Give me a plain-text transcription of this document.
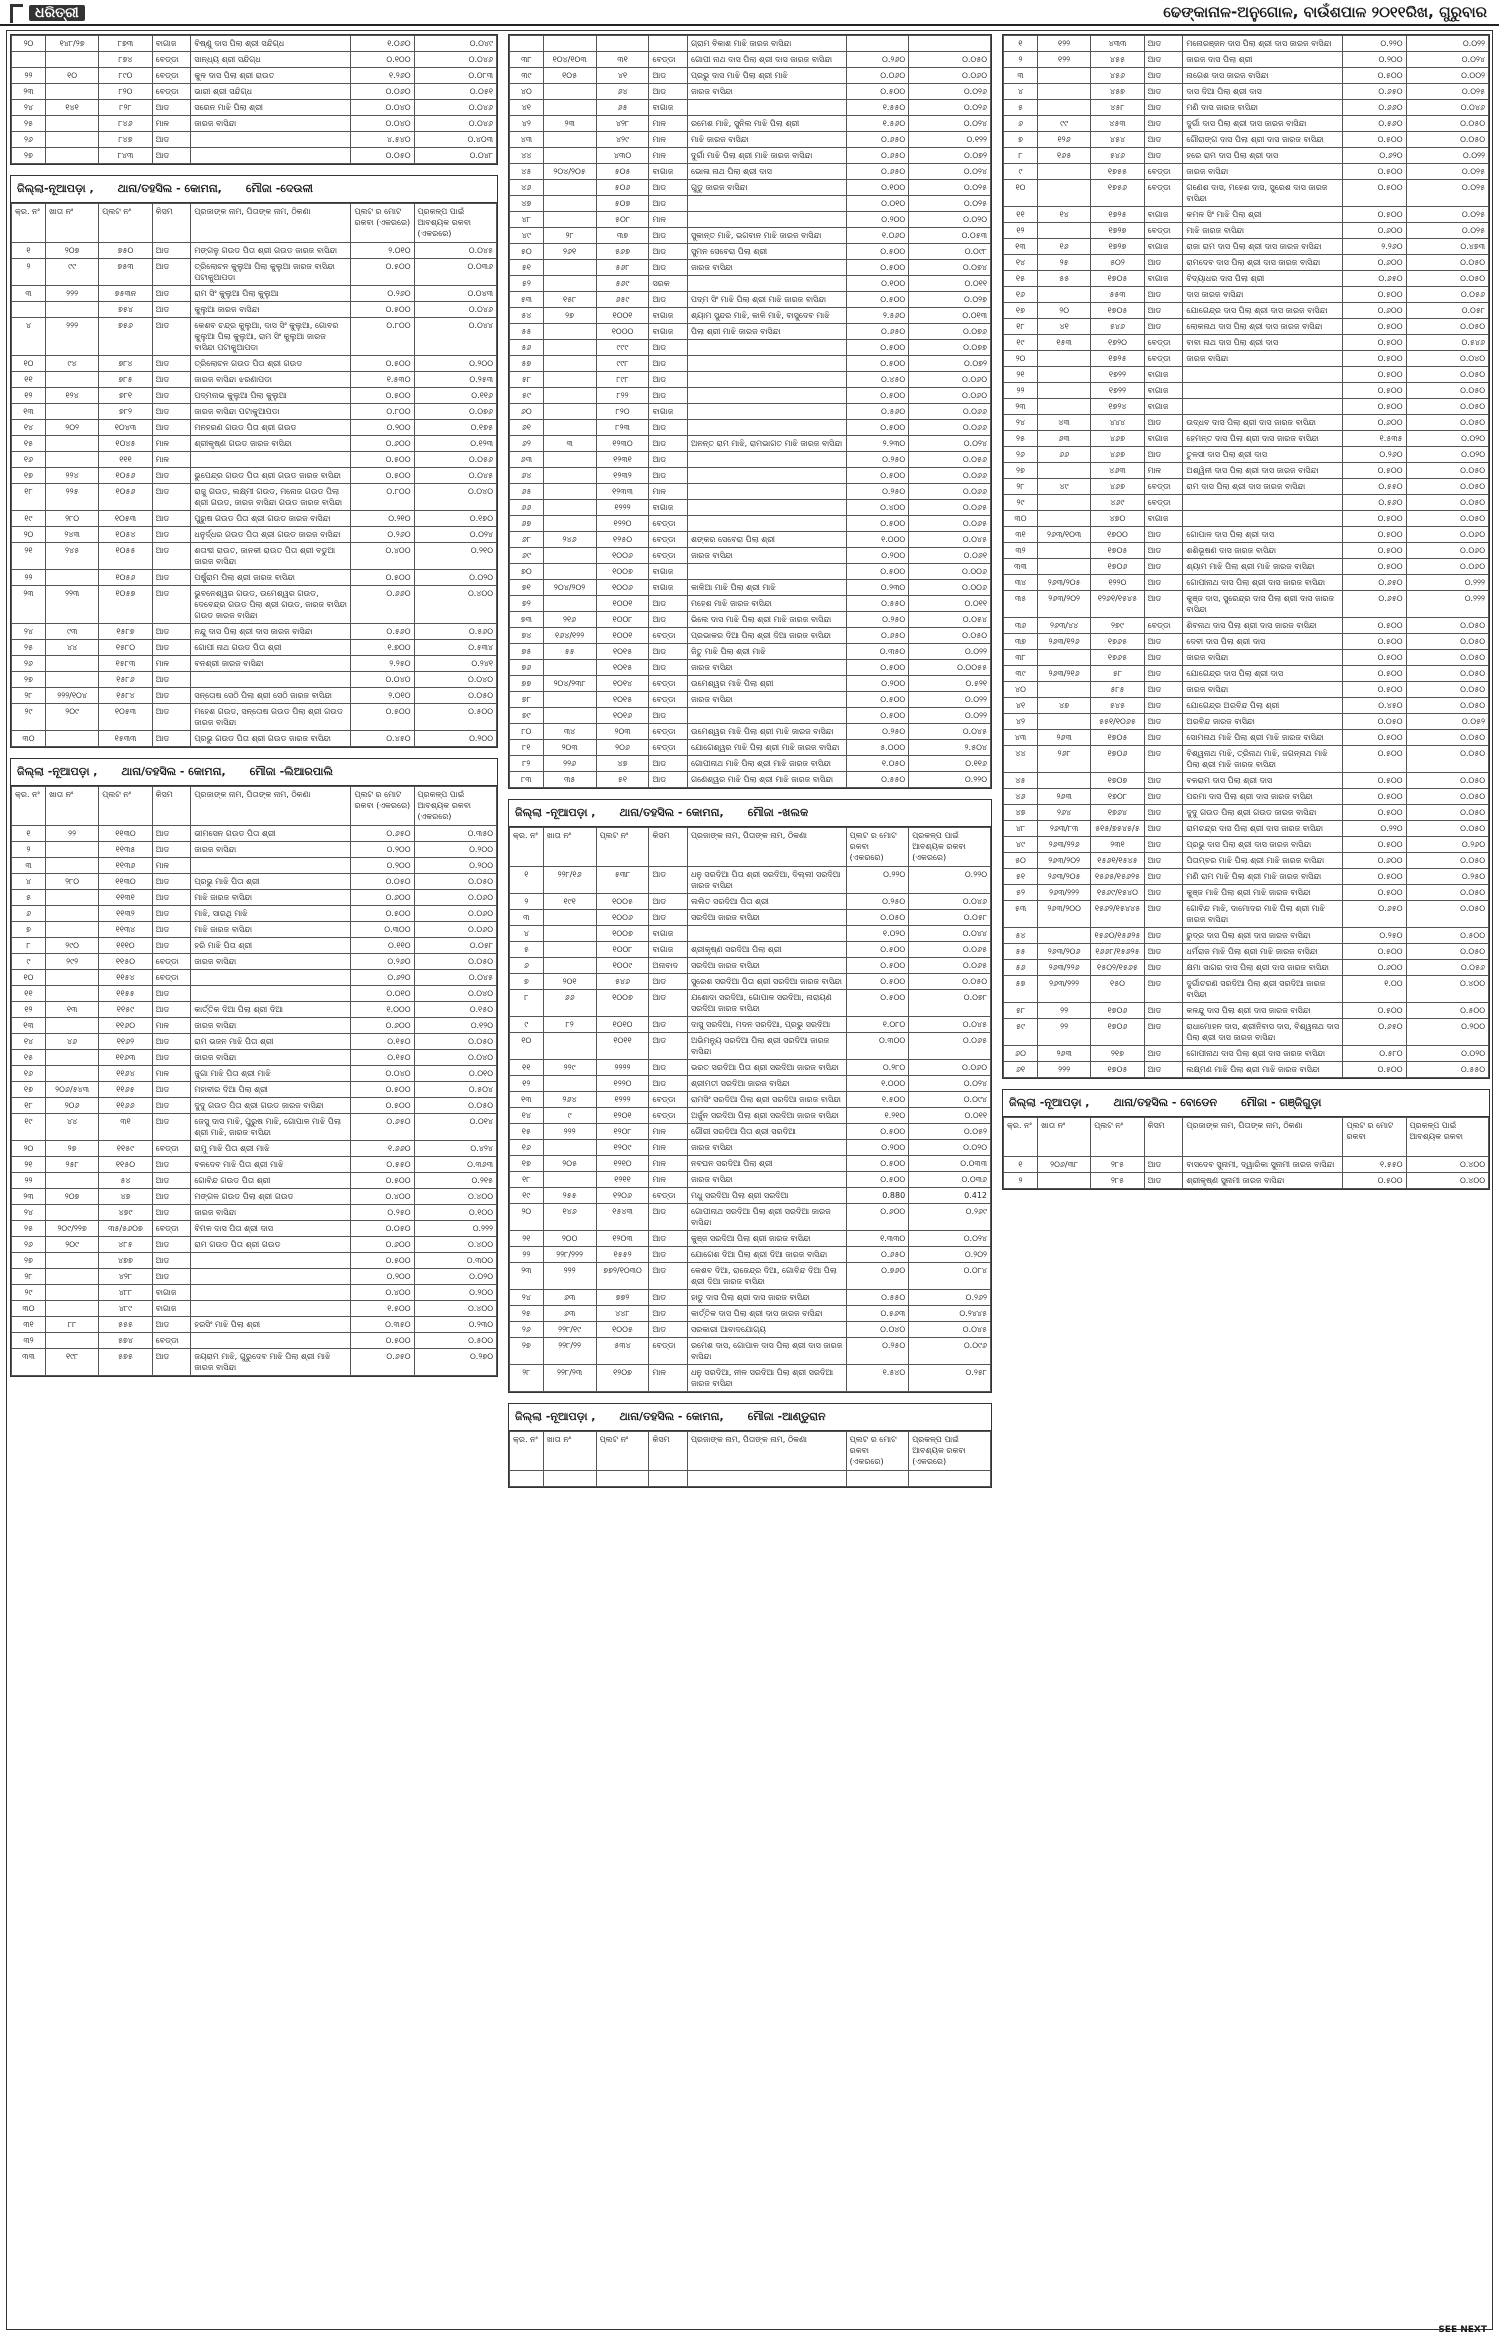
ଧରିତ୍ରୀ	ଢେଙ୍କାନାଳ-ଅନୁଗୋଳ, ବାଉଁଶପାଳ ୨୦୧୧ରିଖ, ଗୁରୁବାର
୨୦	୧୪୮/୨୭	୮୭୩	ବାଗାଜ	ବିଷ୍ଣୁ ଦାସ ପିଲା ଶ୍ରୀ ସନ୍ଦିଗ୍ଧ	୧.୦୬୦	୦.୦୪୯
		୮୭୪	ବେଡ୍ଡା	ସାନ୍ଧ୍ୟ ଶ୍ରୀ ସନ୍ଦିଗ୍ଧ	୦.୧୦୦	୦.୦୪୬
୨୨	୧୦	୮୯୦	ବେଡ୍ଡା	କୁଳ ଦାସ ପିଲା ଶ୍ରୀ ରାଉତ	୧.୨୬୦	୦.୦୮୩
୨୩		୮୨୦	ବେଡ୍ଡା	ଭାରୀ ଶ୍ରୀ ସନ୍ଦିଗ୍ଧ	୦.୦୬୦	୦.୦୫୧
୨୪	୧୪୧	୮୨୮	ଆଡ	ସରେନ ମାଝି ପିଲା ଶ୍ରୀ	୦.୦୪୦	୦.୦୪୬
୨୫		୮୪୬	ମାଳ	ଜାରଜ ବାସିନ୍ଦା	୦.୦୪୦	୦.୦୪୬
୨୬		୮୪୭	ଆଡ		୪.୫୪୦	୦.୪୦୩
୨୭		୮୪୩	ଆଡ		୦.୦୫୦	୦.୦୪୮
ଜିଲ୍ଲା-ନୂଆପଡ଼ା , ଥାନା/ତହସିଲ - କୋମନା, ମୌଜା -ଦେଉଳୀ
କ୍ର. ନଂ	ଖାତା ନଂ	ପ୍ଲଟ ନଂ	କିସମ	ପ୍ରଜାଙ୍କ ନାମ, ପିତାଙ୍କ ନାମ, ଠିକଣା	ପ୍ଲଟ ର ମୋଟ ରକବା (ଏକରରେ)	ପ୍ରକଳ୍ପ ପାଇଁ ଆବଶ୍ୟକ ରକବା (ଏକରରେ)
୧	୨୦୭	୭୫୦	ଆଡ	ମଙ୍ଗଳୁ ଗଉଡ ପିତା ଶ୍ରୀ ଗଉଡ ଜାରଜ ବାସିନ୍ଦା	୨.୦୧୦	୦.୦୪୫
୨	୯୯	୭୫୩	ଆଡ	ତ୍ରିଲୋଚନ କୁଲୁଆ ପିଲା କୁଲୁଆ ଜାରଜ ବାସିନ୍ଦା ପଟାକୁଆପଡା	୦.୫୦୦	୦.୦୩୬
୩	୨୨୨	୭୫୩ନ	ଆଡ	ରାମ ସିଂ କୁଲୁଆ ପିଲା କୁଲୁଆ	୦.୨୬୦	୦.୦୪୩
		୭୫୪	ଆଡ	କୁଲୁଆ ଜାରଜ ବାସିନ୍ଦା	୦.୫୦୦	୦.୦୪୬
୪	୨୨୨	୭୫୬	ଆଡ	କେଶବ ଚନ୍ଦ୍ର କୁଲୁଆ, ଦାସ ସିଂ କୁଲୁଆ, ଗୋବର କୁଲୁଆ ପିଲା କୁଲୁଆ, ରାମ ସିଂ କୁଲୁଆ ଜାରଜ ବାସିନ୍ଦା ପଟାକୁଆପଡା	୦.୮୦୦	୦.୦୪୪
୧୦	୯୪	୭୮୪	ଆଡ	ତ୍ରିଲୋଚନ ଗଉଡ ପିତା ଶ୍ରୀ ଗଉଡ	୦.୫୦୦	୦.୨୦୦
୧୧		୭୮୫	ଆଡ	ଜାରଜ ବାସିନ୍ଦା ଝରଣାପଡା	୧.୫୩୦	୦.୨୫୩
୧୨	୧୨୪	୭୮୧	ଆଡ	ପଦ୍ମନାଭ କୁଲୁଆ ପିଲା କୁଲୁଆ	୦.୫୦୦	୦.୧୧୬
୧୩		୭୮୨	ଆଡ	ଜାରଜ ବାସିନ୍ଦା ପଟାକୁଆପଡା	୦.୮୦୦	୦.୦୭୬
୧୪	୨୦୨	୧୦୪୩	ଆଡ	ମନହରଣ ଗଉଡ ପିତା ଶ୍ରୀ ଗଉଡ	୦.୨୦୦	୦.୧୭୫
୧୫		୧୦୪୫	ମାଳ	ଶ୍ରୀକୃଷ୍ଣ ଗଉଡ ଜାରଜ ବାସିନ୍ଦା	୦.୬୦୦	୦.୧୨୩
୧୬		୧୧୧	ମାଳ		୦.୫୦୦	୦.୦୫୬
୧୭	୨୨୪	୧୦୫୬	ଆଡ	ଭୁପେନ୍ଦ୍ର ଗଉଡ ପିତା ଶ୍ରୀ ଗଉଡ ଜାରଜ ବାସିନ୍ଦା	୦.୫୦୦	୦.୦୪୫
୧୮	୨୨୫	୧୦୫୬	ଆଡ	ରାଜୁ ଗଉଡ, ଲକ୍ଷ୍ମୀ ଗଉଡ, ମନୋଜ ଗଉଡ ପିଲା ଶ୍ରୀ ଗଉଡ, ଜାରଜ ବାସିନ୍ଦା ଗଉଡ ଜାରଜ ବାସିନ୍ଦା	୦.୮୦୦	୦.୦୪୦
୧୯	୨୮୦	୧୦୫୩	ଆଡ	ପୁରୁଷ ଗଉଡ ପିତା ଶ୍ରୀ ଗଉଡ ଜାରଜ ବାସିନ୍ଦା	୦.୨୧୦	୦.୧୭୦
୨୦	୨୪୩	୧୦୫୪	ଆଡ	ଧନୁର୍ଦ୍ଧର ଗଉଡ ପିତା ଶ୍ରୀ ଗଉଡ ଜାରଜ ବାସିନ୍ଦା	୦.୨୬୦	୦.୦୨୪
୨୧	୨୪୫	୧୦୫୫	ଆଡ	ଶତାବ୍ଦୀ ରାଉତ, ଜାନକୀ ରାଉତ ପିତା ଶ୍ରୀ ବଡୁଆ ଜାରଜ ବାସିନ୍ଦା	୦.୪୦୦	୦.୨୧୦
୨୨		୧୦୫୬	ଆଡ	ପର୍ଷୁରାମ ପିଲା ଶ୍ରୀ ଜାରଜ ବାସିନ୍ଦା	୦.୫୦୦	୦.୦୨୦
୨୩	୨୨୩	୧୦୫୭	ଆଡ	ଭୁବନେଶ୍ୱର ଗଉଡ, ଉମେଶ୍ୱର ଗଉଡ, ଦେବେନ୍ଦ୍ର ଗଉଡ ପିଲା ଶ୍ରୀ ଗଉଡ, ଜାରଜ ବାସିନ୍ଦା ଗଉଡ ଜାରଜ ବାସିନ୍ଦା	୦.୬୬୦	୦.୪୦୦
୨୪	୯୩	୧୫୮୭	ଆଡ	ନନ୍ଦୁ ଦାସ ପିଲା ଶ୍ରୀ ଦାସ ଜାରଜ ବାସିନ୍ଦା	୦.୫୬୦	୦.୫୬୦
୨୫	୪୪	୧୫୮୦	ଆଡ	ଗୋପୀ ନାଥ ଗଉଡ ପିତା ଶ୍ରୀ	୧.୭୦୦	୦.୫୩୪
୨୬		୧୫୮୩	ମାଳ	ବନଶ୍ରୀ ଜାରଜ ବାସିନ୍ଦା	୨.୨୫୦	୦.୨୪୧
୨୭		୧୫୮୬	ଆଡ		୦.୦୪୦	୦.୦୪୦
୨୮	୨୨୨/୧୦୪	୧୫୮୪	ଆଡ	ସନ୍ତୋଷ ସେଠି ପିଲା ଶ୍ରୀ ସେଠି ଜାରଜ ବାସିନ୍ଦା	୨.୦୧୦	୦.୦୫୦
୨୯	୨୦୯	୧୦୫୩	ଆଡ	ମହେଶ ଗଉଡ, ସନ୍ତୋଷ ଗଉଡ ପିଲା ଶ୍ରୀ ଗଉଡ ଜାରଜ ବାସିନ୍ଦା	୦.୫୦୦	୦.୫୦୦
୩୦		୧୫୩୩	ଆଡ	ପ୍ରଭୁ ଗଉଡ ପିତା ଶ୍ରୀ ଗଉଡ ଜାରଜ ବାସିନ୍ଦା	୦.୪୫୦	୦.୨୦୦
ଜିଲ୍ଲା -ନୂଆପଡ଼ା , ଥାନା/ତହସିଲ - କୋମନା, ମୌଜା -ଲିଆରପାଲି
କ୍ର. ନଂ	ଖାତା ନଂ	ପ୍ଲଟ ନଂ	କିସମ	ପ୍ରଜାଙ୍କ ନାମ, ପିତାଙ୍କ ନାମ, ଠିକଣା	ପ୍ଲଟ ର ମୋଟ ରକବା (ଏକରରେ)	ପ୍ରକଳ୍ପ ପାଇଁ ଆବଶ୍ୟକ ରକବା (ଏକରରେ)
୧	୨୨	୧୧୩୦	ଆଡ	ଭୀମସେନ ଗଉଡ ପିତା ଶ୍ରୀ	୦.୬୫୦	୦.୩୫୦
୨		୧୧୩୫	ଆଡ	ଜାରଜ ବାସିନ୍ଦା	୦.୨୦୦	୦.୨୦୦
୩		୧୧୩୬	ମାଳ		୦.୨୦୦	୦.୨୦୦
୪	୨୮୦	୧୧୩୦	ଆଡ	ପ୍ରଭୁ ମାଝି ପିତା ଶ୍ରୀ	୦.୦୫୦	୦.୦୫୦
୫		୧୧୩୧	ଆଡ	ମାଝି ଜାରଜ ବାସିନ୍ଦା	୦.୬୦୦	୦.୦୬୦
୬		୧୧୩୨	ଆଡ	ମାଝି, ସାରଥି ମାଝି	୦.୫୦୦	୦.୦୬୦
୭		୧୧୩୪	ଆଡ	ମାଝି ଜାରଜ ବାସିନ୍ଦା	୦.୩୦୦	୦.୦୬୦
୮	୨୯୦	୧୧୧୦	ଆଡ	ହରି ମାଝି ପିତା ଶ୍ରୀ	୦.୧୧୦	୦.୦୫୮
୯	୨୯୨	୧୧୫୦	ବେଡ୍ଡା	ଜାରଜ ବାସିନ୍ଦା	୦.୨୬୦	୦.୦୫୦
୧୦		୧୧୫୪	ବେଡ୍ଡା		୦.୬୨୦	୦.୦୪୫
୧୧		୧୧୫୫	ଆଡ		୦.୦୧୦	୦.୦୪୦
୧୨	୧୩	୧୧୫୯	ଆଡ	କାର୍ତ୍ତିକ ଦିଆ ପିଲା ଶ୍ରୀ ଦିଆ	୧.୦୦୦	୦.୧୫୦
୧୩		୧୧୬୦	ମାଳ	ଜାରଜ ବାସିନ୍ଦା	୦.୬୦୦	୦.୧୨୦
୧୪	୪୬	୧୧୬୨	ଆଡ	ରାମ ଭଜନ ମାଝି ପିତା ଶ୍ରୀ	୦.୧୫୦	୦.୦୫୦
୧୫		୧୧୬୩	ଆଡ	ଜାରଜ ବାସିନ୍ଦା	୦.୧୫୦	୦.୦୪୦
୧୬		୧୧୬୪	ମାଳ	ଜୁଗା ମାଝି ପିତା ଶ୍ରୀ ମାଝି	୦.୦୪୦	୦.୦୧୦
୧୭	୨୦୬/୫୪୩	୧୧୬୫	ଆଡ	ମହାବୀର ଦିଆ ପିଲା ଶ୍ରୀ	୦.୫୦୦	୦.୫୦୪
୧୮	୨୦୬	୧୧୬୬	ଆଡ	ଦୁଦୁ ଗଉଡ ପିତା ଶ୍ରୀ ଗଉଡ ଜାରଜ ବାସିନ୍ଦା	୦.୫୦୦	୦.୦୫୦
୧୯	୪୪	୩୧	ଆଡ	ଜେସୁ ଦାସ ମାଝି, ପୁରୁଷ ମାଝି, ଗୋପାଳ ମାଝି ପିଲା ଶ୍ରୀ ମାଝି, ଜାରଜ ବାସିନ୍ଦା	୦.୬୫୦	୦.୦୧୪
୨୦	୨୭	୧୧୫୯	ବେଡ୍ଡା	ରାମୁ ମାଝି ପିତା ଶ୍ରୀ ମାଝି	୧.୬୬୦	୦.୪୨୪
୨୧	୨୫୮	୧୧୫୦	ଆଡ	ବଳଦେବ ମାଝି ପିତା ଶ୍ରୀ ମାଝି	୦.୫୫୦	୦.୩୬୩
୨୨		୫୪	ଆଡ	ଗୋବିନ୍ଦ ଗଉଡ ପିତା ଶ୍ରୀ	୦.୫୦୦	୦.୨୧୫
୨୩	୨୦୭	୪୭	ଆଡ	ମଙ୍ଗଳ ଗଉଡ ପିଲା ଶ୍ରୀ ଗଉଡ	୦.୪୦୦	୦.୪୦୦
୨୪		୪୭୯	ଆଡ	ଜାରଜ ବାସିନ୍ଦା	୦.୨୫୦	୦.୧୦୦
୨୫	୨୦୯/୨୨୭	୩୫/୫୬୦୭	ବେଡ୍ଡା	ବିମଳ ଦାସ ପିତା ଶ୍ରୀ ଦାସ	୦.୦୫୦	୦.୨୨୨
୨୬	୨୦୯	୪୮୫	ଆଡ	ରାମ ଗଉଡ ପିତା ଶ୍ରୀ ଗଉଡ	୦.୬୦୦	୦.୪୦୦
୨୭		୪୭୭	ଆଡ		୦.୫୦୦	୦.୩୦୦
୨୮		୪୨୮	ଆଡ		୦.୨୦୦	୦.୦୨୦
୨୯		୪୮୮	ବାଗାଜ		୦.୪୦୦	୦.୨୦୦
୩୦		୪୮୯	ବାଗାଜ		୧.୫୦୦	୦.୪୦୦
୩୧	୮୮	୫୫୫	ଆଡ	ହରସିଂ ମାଝି ପିଲା ଶ୍ରୀ	୦.୩୫୦	୦.୨୩୦
୩୨		୫୭୪	ବେଡ୍ଡା		୦.୫୦୦	୦.୫୦୦
୩୩	୧୯୮	୫୭୫	ଆଡ	ଜୟରାମ ମାଝି, ଗୁରୁଦେବ ମାଝି ପିଲା ଶ୍ରୀ ମାଝି ଜାରଜ ବାସିନ୍ଦା	୦.୬୫୦	୦.୨୭୦
				ଗ୍ରାମ ବିକାଶ ମାଝି ଜାରଜ ବାସିନ୍ଦା		
୩୮	୧୦୪/୧୦୩	୩୧	ବେଡ୍ଡା	ଗୋପୀ ନାଥ ଦାସ ପିଲା ଶ୍ରୀ ଦାସ ଜାରଜ ବାସିନ୍ଦା	୦.୨୬୦	୦.୦୫୦
୩୯	୧୦୫	୪୧	ଆଡ	ପ୍ରଭୁ ଦାସ ମାଝି ପିଲା ଶ୍ରୀ ମାଝି	୦.୦୬୦	୦.୦୬୦
୪୦		୬୪	ଆଡ	ଜାରଜ ବାସିନ୍ଦା	୦.୫୦୦	୦.୦୨୬
୪୧		୬୫	ବାଗାଜ		୧.୫୫୦	୦.୦୨୬
୪୨	୨୩	୪୨୮	ମାଳ	ରମେଶ ମାଝି, ସୁନିଲ ମାଝି ପିଲା ଶ୍ରୀ	୧.୫୬୦	୦.୦୨୪
୪୩		୪୨୯	ମାଳ	ମାଝି ଜାରଜ ବାସିନ୍ଦା	୦.୬୫୦	୦.୧୨୨
୪୪		୪୩୦	ମାଳ	ଦୁର୍ଗା ମାଝି ପିଲା ଶ୍ରୀ ମାଝି ଜାରଜ ବାସିନ୍ଦା	୦.୬୫୦	୦.୦୭୨
୪୫	୨୦୪/୨୦୫	୫୦୫	ବାଗାଜ	ଭୋଳା ନାଥ ପିଲା ଶ୍ରୀ ଦାସ	୦.୬୫୦	୦.୦୨୪
୪୬		୫୦୬	ଆଡ	ଗୁଡୁ ଜାରଜ ବାସିନ୍ଦା	୦.୧୦୦	୦.୦୨୫
୪୭		୫୦୭	ଆଡ		୦.୦୧୦	୦.୦୨୫
୪୮		୫୦୮	ମାଳ		୦.୨୦୦	୦.୦୨୦
୪୯	୨୮	୩୭	ଆଡ	ସୁକାନ୍ତ ମାଝି, ଭଗବାନ ମାଝି ଜାରଜ ବାସିନ୍ଦା	୧.୦୬୦	୦.୦୫୩
୫୦	୨୬୧	୫୬୭	ଆଡ	ସୁମନ ସେବେରା ପିଲା ଶ୍ରୀ	୦.୫୦୦	୦.୦୯୮
୫୧		୫୬୮	ଆଡ	ଜାରଜ ବାସିନ୍ଦା	୦.୫୦୦	୦.୦୭୪
୫୨		୫୬୯	ସରକ		୦.୧୦୦	୦.୦୧୧
୫୩	୧୫୮	୬୫୯	ଆଡ	ପଦ୍ମ ସିଂ ମାଝି ପିଲା ଶ୍ରୀ ମାଝି ଜାରଜ ବାସିନ୍ଦା	୦.୫୦୦	୦.୦୨୭
୫୪	୨୭	୧୦୦୧	ବାଗାଜ	ଶ୍ୟାମ ସୁନ୍ଦର ମାଝି, କାଳି ମାଝି, ବାସୁଦେବ ମାଝି	୨.୫୬୦	୦.୦୧୩
୫୫		୧୦୦୦	ବାଗାଜ	ପିଲା ଶ୍ରୀ ମାଝି ଜାରଜ ବାସିନ୍ଦା	୦.୬୫୦	୦.୦୭୬
୫୬		୯୯୯	ଆଡ		୦.୫୦୦	୦.୦୭୭
୫୭		୯୯୮	ଆଡ		୦.୫୦୦	୦.୦୭୨
୫୮		୮୯୮	ଆଡ		୦.୪୫୦	୦.୦୬୦
୫୯		୮୨୨	ଆଡ		୦.୫୦୦	୦.୦୬୦
୬୦		୮୨୦	ବାଗାଜ		୦.୫୬୦	୦.୦୬୬
୬୧		୮୨୩	ଆଡ		୦.୫୦୦	୦.୦୬୬
୬୨	୩	୧୨୩୦	ଆଡ	ଅନନ୍ତ ରାମ ମାଝି, ରାମଭାଗତ ମାଝି ଜାରଜ ବାସିନ୍ଦା	୨.୨୩୦	୦.୦୨୪
୬୩		୧୨୩୧	ଆଡ		୦.୨୫୦	୦.୦୫୬
୬୪		୧୨୩୨	ଆଡ		୦.୫୦୦	୦.୦୬୬
୬୫		୧୨୩୩	ମାଳ		୦.୨୫୦	୦.୦୬୬
୬୬		୧୨୨୨	ବାଗାଜ		୦.୪୦୦	୦.୦୬୫
୬୭		୧୨୨୦	ବେଡ୍ଡା		୦.୫୦୦	୦.୦୬୫
୬୮	୨୪୬	୧୨୫୦	ବେଡ୍ଡା	ଶଙ୍କର ସେବେରା ପିଲା ଶ୍ରୀ	୧.୦୦୦	୦.୦୪୫
୬୯		୧୦୦୬	ବେଡ୍ଡା	ଜାରଜ ବାସିନ୍ଦା	୦.୨୦୦	୦.୦୬୧
୭୦		୧୦୦୭	ବାଗାଜ		୦.୫୦୦	୦.୦୦୬
୭୧	୨୦୪/୨୦୨	୧୦୦୬	ବାଗାଜ	କାଳିଆ ମାଝି ପିଲା ଶ୍ରୀ ମାଝି	୦.୨୩୦	୦.୦୦୬
୭୨		୧୦୦୧	ଆଡ	ମହେଶ ମାଝି ଜାରଜ ବାସିନ୍ଦା	୦.୫୫୦	୦.୦୧୧
୭୩	୨୧୬	୧୦୦୮	ଆଡ	ଭିଲେ ଦାସ ମାଝି ପିଲା ଶ୍ରୀ ମାଝି ଜାରଜ ବାସିନ୍ଦା	୦.୨୫୦	୦.୦୫୪
୭୪	୧୬୪/୧୨୨	୧୦୦୧	ବେଡ୍ଡା	ପ୍ରଭାକର ଦିଆ ପିଲା ଶ୍ରୀ ଦିଆ ଜାରଜ ବାସିନ୍ଦା	୦.୬୫୦	୦.୦୫୦
୭୫	୫୫	୧୦୧୫	ଆଡ	ଜିତୁ ମାଝି ପିଲା ଶ୍ରୀ ମାଝି	୦.୩୫୦	୦.୦୨୨
୭୬		୧୦୧୫	ଆଡ	ଜାରଜ ବାସିନ୍ଦା	୦.୫୦୦	୦.୦୦୫୫
୭୭	୨୦୪/୨୩୮	୧୦୧୪	ବେଡ୍ଡା	ଉମେଶ୍ୱର ମାଝି ପିଲା ଶ୍ରୀ	୦.୨୦୦	୦.୫୨୧
୭୮		୧୦୧୫	ବେଡ୍ଡା	ଜାରଜ ବାସିନ୍ଦା	୦.୫୦୦	୦.୦୨୨
୭୯		୧୦୧୬	ଆଡ		୦.୫୦୦	୦.୦୨୨
୮୦	୩୪	୨୦୩	ବେଡ୍ଡା	ଉମେଶ୍ୱର ମାଝି ପିଲା ଶ୍ରୀ ମାଝି ଜାରଜ ବାସିନ୍ଦା	୦.୨୫୦	୦.୦୪୫
୮୧	୨୦୩	୨୦୬	ବେଡ୍ଡା	ଯୋଗେଶ୍ୱର ମାଝି ପିଲା ଶ୍ରୀ ମାଝି ଜାରଜ ବାସିନ୍ଦା	୫.୦୦୦	୨.୫୦୪
୮୨	୨୨୬	୪୭	ଆଡ	ଗୋପୀନାଥ ମାଝି ପିଲା ଶ୍ରୀ ମାଝି ଜାରଜ ବାସିନ୍ଦା	୧.୦୫୦	୦.୧୧୬
୮୩	୩୫	୫୧	ଆଡ	ଗଣେଶ୍ୱର ମାଝି ପିଲା ଶ୍ରୀ ମାଝି ଜାରଜ ବାସିନ୍ଦା	୦.୫୫୦	୦.୨୨୦
ଜିଲ୍ଲା -ନୂଆପଡ଼ା , ଥାନା/ତହସିଲ - କୋମନା, ମୌଜା -ଖଲକ
କ୍ର. ନଂ	ଖାତା ନଂ	ପ୍ଲଟ ନଂ	କିସମ	ପ୍ରଜାଙ୍କ ନାମ, ପିତାଙ୍କ ନାମ, ଠିକଣା	ପ୍ଲଟ ର ମୋଟ ରକବା (ଏକରରେ)	ପ୍ରକଳ୍ପ ପାଇଁ ଆବଶ୍ୟକ ରକବା (ଏକରରେ)
୧	୨୨୮/୧୬	୫୩୮	ଆଡ	ଧନୁ ସରଦିଆ ପିତା ଶ୍ରୀ ସରଦିଆ, ଦିଲ୍ଲୀ ସରଦିଆ ଜାରଜ ବାସିନ୍ଦା	୦.୨୨୦	୦.୨୨୦
୨	୧୯୧	୧୦୦୫	ଆଡ	ଲଲିତ ସରଦିଆ ପିତା ଶ୍ରୀ	୦.୨୫୦	୦.୦୪୬
୩		୧୦୦୬	ଆଡ	ସରଦିଆ ଜାରଜ ବାସିନ୍ଦା	୦.୦୫୦	୦.୦୫୮
୪		୧୦୦୭	ବାଗାଜ		୧.୦୨୦	୦.୦୪୪
୫		୧୦୦୮	ବାଗାଜ	ଶ୍ରୀକୃଷ୍ଣ ସରଦିଆ ପିଲା ଶ୍ରୀ	୦.୫୦୦	୦.୦୬୫
୬		୧୦୦୯	ଅନାବାଦ	ସରଦିଆ ଜାରଜ ବାସିନ୍ଦା	୦.୫୦୦	୦.୦୬୫
୭	୨୦୧	୫୪୬	ଆଡ	ସୁରେଶ ସରଦିଆ ପିତା ଶ୍ରୀ ସରଦିଆ ଜାରଜ ବାସିନ୍ଦା	୦.୫୦୦	୦.୦୫୦
୮	୬୬	୧୦୦୭	ଆଡ	ଯଶୋଦା ସରଦିଆ, ଗୋପାଳ ସରଦିଆ, ନାରାୟଣ ସରଦିଆ ଜାରଜ ବାସିନ୍ଦା	୦.୫୦୦	୦.୦୭୮
୯	୮୨	୧୦୧୦	ଆଡ	ଦାସୁ ସରଦିଆ, ମଦନ ସରଦିଆ, ପ୍ରଭୁ ସରଦିଆ	୧.୦୮୦	୦.୦୪୫
୧୦		୧୦୧୧	ଆଡ	ଅଭିମନ୍ୟୁ ସରଦିଆ ପିଲା ଶ୍ରୀ ସରଦିଆ ଜାରଜ ବାସିନ୍ଦା	୦.୩୦୦	୦.୦୬୫
୧୧	୨୨୯	୨୨୨୨	ଆଡ	ଭରତ ସରଦିଆ ପିତା ଶ୍ରୀ ସରଦିଆ ଜାରଜ ବାସିନ୍ଦା	୦.୨୮୦	୦.୦୬୦
୧୨		୧୨୨୦	ଆଡ	ଶ୍ରୀମତୀ ସରଦିଆ ଜାରଜ ବାସିନ୍ଦା	୧.୦୦୦	୦.୦୨୪
୧୩	୨୬୪	୧୨୨୨	ବେଡ୍ଡା	ରାମସିଂ ସରଦିଆ ପିଲା ଶ୍ରୀ ସରଦିଆ ଜାରଜ ବାସିନ୍ଦା	୧.୫୦୦	୦.୦୯୪
୧୪	୯	୧୨୦୧	ବେଡ୍ଡା	ଅର୍ଜୁନ ସରଦିଆ ପିଲା ଶ୍ରୀ ସରଦିଆ ଜାରଜ ବାସିନ୍ଦା	୧.୨୧୦	୦.୦୧୧
୧୫	୨୨୨	୧୨୦୮	ମାଳ	ଗୌରୀ ସରଦିଆ ପିତା ଶ୍ରୀ ସରଦିଆ	୦.୫୦୦	୦.୦୫୨
୧୬		୧୨୦୯	ମାଳ	ଜାରଜ ବାସିନ୍ଦା	୦.୨୦୦	୦.୦୨୦
୧୭	୨୦୫	୧୨୧୦	ମାଳ	ନବଘନ ସରଦିଆ ପିଲା ଶ୍ରୀ	୦.୫୦୦	୦.୦୩୩
୧୮		୧୨୧୧	ମାଳ	ଜାରଜ ବାସିନ୍ଦା	୦.୫୦୦	୦.୦୩୬
୧୯	୨୫୫	୧୨୦୬	ବେଡ୍ଡା	ମଧୁ ସରଦିଆ ପିଲା ଶ୍ରୀ ସରଦିଆ	0.880	0.412
୨୦	୧୪୬	୧୫୪୩	ଆଡ	ଗୋପୀନାଥ ସରଦିଆ ପିଲା ଶ୍ରୀ ସରଦିଆ ଜାରଜ ବାସିନ୍ଦା	୦.୬୦୦	୦.୨୬୯
୨୧	୨୦୦	୧୨୦୩	ଆଡ	କୁଞ୍ଜ ସରଦିଆ ପିଲା ଶ୍ରୀ ଜାରଜ ବାସିନ୍ଦା	୧.୩୩୦	୦.୦୨୪
୨୨	୨୨୮/୨୨୨	୧୫୫୨	ଆଡ	ଯୋଗେଶ ଦିଆ ପିଲା ଶ୍ରୀ ଦିଆ ଜାରଜ ବାସିନ୍ଦା	୦.୬୫୦	୦.୨୦୨
୨୩	୨୨୨	୭୭୨/୧୦୩୦	ଆଡ	କେଶବ ଦିଆ, ରାଜେନ୍ଦ୍ର ଦିଆ, ଗୋବିନ୍ଦ ଦିଆ ପିଲା ଶ୍ରୀ ଦିଆ ଜାରଜ ବାସିନ୍ଦା	୦.୭୬୦	୦.୦୮୪
୨୪	୬୩	୭୭୨	ଆଡ	ହାଡୁ ଦାସ ପିଲା ଶ୍ରୀ ଦାସ ଜାରଜ ବାସିନ୍ଦା	୦.୫୫୦	୦.୨୬୨
୨୫	୬୩	୪୪୮	ଆଡ	କାର୍ତ୍ତିକ ଦାସ ପିଲା ଶ୍ରୀ ଦାସ ଜାରଜ ବାସିନ୍ଦା	୦.୫୬୩	୦.୨୪୪୫
୨୬	୨୨୮/୧୯	୧୦୦୫	ଆଡ	ସରକାରୀ ଆବାଦଯୋଗ୍ୟ	୦.୦୪୦	୦.୦୪୫
୨୭	୨୨୮/୨୨	୫୩୪	ବେଡ୍ଡା	ରମେଶ ଦାସ, ଗୋପାଳ ଦାସ ପିଲା ଶ୍ରୀ ଦାସ ଜାରଜ ବାସିନ୍ଦା	୦.୨୫୦	୦.୦୯୬
୨୮	୨୨୮/୨୩	୧୨୦୭	ମାଳ	ଧନୁ ସରଦିଆ, ନୀଳ ସରଦିଆ ପିଲା ଶ୍ରୀ ସରଦିଆ ଜାରଜ ବାସିନ୍ଦା	୧.୫୪୦	୦.୨୫୮
ଜିଲ୍ଲା -ନୂଆପଡ଼ା , ଥାନା/ତହସିଲ - କୋମନା, ମୌଜା -ଆଣ୍ଡୁରାନ
କ୍ର. ନଂ	ଖାତା ନଂ	ପ୍ଲଟ ନଂ	କିସମ	ପ୍ରଜାଙ୍କ ନାମ, ପିତାଙ୍କ ନାମ, ଠିକଣା	ପ୍ଲଟ ର ମୋଟ ରକବା (ଏକରରେ)	ପ୍ରକଳ୍ପ ପାଇଁ ଆବଶ୍ୟକ ରକବା (ଏକରରେ)

୧	୧୨୨	୪୩୩	ଆଡ	ମନୋରଞ୍ଜନ ଦାସ ପିଲା ଶ୍ରୀ ଦାସ ଜାରଜ ବାସିନ୍ଦା	୦.୨୨୦	୦.୦୨୨
୨	୧୨୨	୪୫୫	ଆଡ	ଜାରଜ ଦାସ ପିଲା ଶ୍ରୀ	୦.୨୦୦	୦.୦୨୪
୩		୪୫୬	ଆଡ	ନାଗେଶ ଦାସ ଜାରଜ ବାସିନ୍ଦା	୦.୫୦୦	୦.୦୦୨
୪		୪୫୭	ଆଡ	ଦାସ ଦିଆ ପିଲା ଶ୍ରୀ ଦାସ	୦.୬୫୦	୦.୦୨୫
୫		୪୫୮	ଆଡ	ମଣି ଦାସ ଜାରଜ ବାସିନ୍ଦା	୦.୬୬୦	୦.୦୪୬
୬	୯୯	୪୫୩	ଆଡ	ଦୁର୍ଗା ଦାସ ପିଲା ଶ୍ରୀ ଦାସ ଜାରଜ ବାସିନ୍ଦା	୦.୫୬୦	୦.୦୫୦
୭	୧୨୬	୪୫୪	ଆଡ	ଗୌରାଙ୍ଗ ଦାସ ପିଲା ଶ୍ରୀ ଦାସ ଜାରଜ ବାସିନ୍ଦା	୦.୫୦୦	୦.୦୫୦
୮	୧୬୫	୫୪୬	ଆଡ	ହରେ ରାମ ଦାସ ପିଲା ଶ୍ରୀ ଦାସ	୦.୬୨୦	୦.୦୨୨
୯		୧୭୫୫	ବେଡ୍ଡା	ଜାରଜ ବାସିନ୍ଦା	୦.୫୦୦	୦.୦୨୫
୧୦		୧୭୫୬	ବେଡ୍ଡା	ଗଣେଶ ଦାସ, ମହେଶ ଦାସ, ସୁରେଶ ଦାସ ଜାରଜ ବାସିନ୍ଦା	୦.୫୦୦	୦.୦୨୫
୧୧	୧୪	୧୭୨୫	ବାଗାଜ	କମଳ ସିଂ ମାଝି ପିଲା ଶ୍ରୀ	୦.୫୦୦	୦.୦୨୫
୧୨		୧୭୨୭	ବେଡ୍ଡା	ମାଝି ଜାରଜ ବାସିନ୍ଦା	୦.୬୦୦	୦.୦୨୫
୧୩	୧୬	୧୭୨୭	ବାଗାଜ	ରାଜା ରାମ ଦାସ ପିଲା ଶ୍ରୀ ଦାସ ଜାରଜ ବାସିନ୍ଦା	୨.୨୬୦	୦.୪୭୩
୧୪	୨୫	୫୦୨	ଆଡ	ରାମଦେବ ଦାସ ପିଲା ଶ୍ରୀ ଦାସ ଜାରଜ ବାସିନ୍ଦା	୦.୬୦୦	୦.୦୫୦
୧୫	୫୫	୧୭୦୫	ବାଗାଜ	ବିଦ୍ୟାଧର ଦାସ ପିଲା ଶ୍ରୀ	୦.୬୫୦	୦.୦୫୦
୧୬		୫୫୩	ଆଡ	ଦାସ ଜାରଜ ବାସିନ୍ଦା	୦.୫୦୦	୦.୦୫୬
୧୭	୨୦	୧୭୦୫	ଆଡ	ଯୋଗେନ୍ଦ୍ର ଦାସ ପିଲା ଶ୍ରୀ ଦାସ ଜାରଜ ବାସିନ୍ଦା	୦.୬୦୦	୦.୦୫୮
୧୮	୪୧	୫୪୬	ଆଡ	ଲୋକନାଥ ଦାସ ପିଲା ଶ୍ରୀ ଦାସ ଜାରଜ ବାସିନ୍ଦା	୦.୫୦୦	୦.୦୫୦
୧୯	୧୫୩	୧୭୨୦	ବେଡ୍ଡା	ବାବା ନାଥ ଦାସ ପିଲା ଶ୍ରୀ ଦାସ	୦.୫୦୦	୦.୫୪୬
୨୦		୧୭୨୫	ବେଡ୍ଡା	ଜାରଜ ବାସିନ୍ଦା	୦.୫୦୦	୦.୦୪୦
୨୧		୧୭୨୨	ବାଗାଜ		୦.୫୦୦	୦.୦୫୦
୨୨		୧୭୨୨	ବାଗାଜ		୦.୫୦୦	୦.୦୫୦
୨୩		୧୭୨୪	ବାଗାଜ		୦.୫୦୦	୦.୦୫୦
୨୪	୪୩	୪୪୪	ଆଡ	ଉଦ୍ଧବ ଦାସ ପିଲା ଶ୍ରୀ ଦାସ ଜାରଜ ବାସିନ୍ଦା	୦.୬୦୦	୦.୦୫୦
୨୫	୬୩	୪୬୭	ବାଗାଜ	ହେମନ୍ତ ଦାସ ପିଲା ଶ୍ରୀ ଦାସ ଜାରଜ ବାସିନ୍ଦା	୧.୫୩୫	୦.୦୨୦
୨୬	୬୬	୪୬୭	ଆଡ	ତୁଳସୀ ଦାସ ପିଲା ଶ୍ରୀ ଦାସ	୦.୨୬୦	୦.୦୨୦
୨୭		୪୬୩	ମାଳ	ଅଶ୍ୱିନୀ ଦାସ ପିଲା ଶ୍ରୀ ଦାସ ଜାରଜ ବାସିନ୍ଦା	୦.୫୦୦	୦.୦୫୦
୨୮	୪୯	୪୬୭	ବେଡ୍ଡା	ରାମ ଦାସ ପିଲା ଶ୍ରୀ ଦାସ ଜାରଜ ବାସିନ୍ଦା	୦.୫୫୦	୦.୦୫୦
୨୯		୪୬୯	ବେଡ୍ଡା		୦.୫୬୦	୦.୦୫୦
୩୦		୪୭୦	ବାଗାଜ		୦.୫୦୦	୦.୦୫୦
୩୧	୨୬୩/୧୦୩	୧୭୦୦	ଆଡ	ଗୋପାଳ ଦାସ ପିଲା ଶ୍ରୀ ଦାସ	୦.୫୦୦	୦.୦୬୦
୩୨		୧୭୦୫	ଆଡ	ଶଶିଭୂଷଣ ଦାସ ଜାରଜ ବାସିନ୍ଦା	୦.୫୦୦	୦.୦୬୦
୩୩		୧୭୦୬	ଆଡ	ଶ୍ୟାମ ମାଝି ପିଲା ଶ୍ରୀ ମାଝି ଜାରଜ ବାସିନ୍ଦା	୦.୫୦୦	୦.୦୬୦
୩୪	୨୬୩/୨୦୫	୧୨୨୦	ଆଡ	ଗୋପୀନାଥ ଦାସ ପିଲା ଶ୍ରୀ ଦାସ ଜାରଜ ବାସିନ୍ଦା	୦.୬୫୦	୦.୨୨୨
୩୫	୨୬୩/୨୦୨	୧୨୬୧/୧୫୪୫	ଆଡ	କୁଞ୍ଜ ଦାସ, ସୁରେନ୍ଦ୍ର ଦାସ ପିଲା ଶ୍ରୀ ଦାସ ଜାରଜ ବାସିନ୍ଦା	୦.୬୫୦	୦.୨୨୨
୩୬	୨୬୩/୪୪	୨୭୯	ବେଡ୍ଡା	ଶିବନାଥ ଦାସ ପିଲା ଶ୍ରୀ ଦାସ ଜାରଜ ବାସିନ୍ଦା	୦.୫୦୦	୦.୦୫୦
୩୭	୨୬୩/୧୨୬	୧୭୬୫	ଆଡ	ଦେବୀ ଦାସ ପିଲା ଶ୍ରୀ ଦାସ	୦.୫୦୦	୦.୦୫୦
୩୮		୧୭୬୫	ଆଡ	ଜାରଜ ବାସିନ୍ଦା	୦.୫୦୦	୦.୦୫୦
୩୯	୨୬୩/୨୧୬	୫୮	ଆଡ	ଯୋଗେନ୍ଦ୍ର ଦାସ ପିଲା ଶ୍ରୀ ଦାସ	୦.୫୦୦	୦.୦୫୦
୪୦		୫୮୫	ଆଡ	ଜାରଜ ବାସିନ୍ଦା	୦.୫୦୦	୦.୦୫୦
୪୧	୪୭	୫୪୫	ଆଡ	ଯୋଗେନ୍ଦ୍ର ଅରବିନ୍ଦ ପିଲା ଶ୍ରୀ	୦.୪୫୦	୦.୦୫୦
୪୨		୫୫୧/୧୦୬୫	ଆଡ	ଅରବିନ୍ଦ ଜାରଜ ବାସିନ୍ଦା	୦.୦୫୦	୦.୦୫୨
୪୩	୨୬୩	୧୭୦୫	ଆଡ	ସୋମନାଥ ମାଝି ପିଲା ଶ୍ରୀ ମାଝି ଜାରଜ ବାସିନ୍ଦା	୦.୫୦୦	୦.୦୫୦
୪୪	୨୬୮	୧୭୦୬	ଆଡ	ବିଶ୍ୱନାଥ ମାଝି, ତ୍ରିନାଥ ମାଝି, ଜଗନ୍ନାଥ ମାଝି ପିଲା ଶ୍ରୀ ମାଝି ଜାରଜ ବାସିନ୍ଦା	୦.୫୦୦	୦.୦୫୦
୪୫		୧୭୦୭	ଆଡ	ବଳରାମ ଦାସ ପିଲା ଶ୍ରୀ ଦାସ	୦.୫୦୦	୦.୦୫୦
୪୬	୨୬୩	୧୭୦୮	ଆଡ	ପରମା ଦାସ ପିଲା ଶ୍ରୀ ଦାସ ଜାରଜ ବାସିନ୍ଦା	୦.୫୦୦	୦.୦୫୦
୪୭	୨୬୪	୧୭୬୪	ଆଡ	ଦୁଦୁ ଗଉଡ ପିଲା ଶ୍ରୀ ଗଉଡ ଜାରଜ ବାସିନ୍ଦା	୦.୫୦୦	୦.୦୫୦
୪୮	୨୬୩/୮୩	୫୧୫/୭୫୪୫/୫	ଆଡ	ରାମଚନ୍ଦ୍ର ଦାସ ପିଲା ଶ୍ରୀ ଦାସ ଜାରଜ ବାସିନ୍ଦା	୦.୨୨୦	୦.୦୫୦
୪୯	୨୬୩/୨୨୬	୨୩୧	ଆଡ	ପ୍ରଭୁ ଦାସ ପିଲା ଶ୍ରୀ ଦାସ ଜାରଜ ବାସିନ୍ଦା	୦.୫୦୦	୦.୨୬୦
୫୦	୨୬୩/୨୦୨	୧୫୬୧/୧୫୪୫	ଆଡ	ପିତାମ୍ବର ମାଝି ପିଲା ଶ୍ରୀ ମାଝି ଜାରଜ ବାସିନ୍ଦା	୦.୬୦୦	୦.୦୫୦
୫୧	୨୬୩/୨୦୫	୧୫୬୫/୧୫୬୨୫	ଆଡ	ମଣି ରାମ ମାଝି ପିଲା ଶ୍ରୀ ମାଝି ଜାରଜ ବାସିନ୍ଦା	୦.୫୦୦	୦.୨୫୦
୫୨	୨୬୩/୨୨୨	୧୫୬୯/୧୫୪୦	ଆଡ	କୁଞ୍ଜ ମାଝି ପିଲା ଶ୍ରୀ ମାଝି ଜାରଜ ବାସିନ୍ଦା	୦.୫୦୦	୦.୦୫୦
୫୩	୨୬୩/୨୦୦	୧୫୬୨/୧୫୪୪୫	ଆଡ	ଗୋବିନ୍ଦ ମାଝି, ଦାମୋଦର ମାଝି ପିଲା ଶ୍ରୀ ମାଝି ଜାରଜ ବାସିନ୍ଦା	୦.୬୫୦	୦.୦୫୦
୫୪		୧୫୬୦/୧୫୬୨୫	ଆଡ	ରୁଦ୍ର ଦାସ ପିଲା ଶ୍ରୀ ଦାସ ଜାରଜ ବାସିନ୍ଦା	୦.୨୫୦	୦.୫୦୦
୫୫	୨୬୩/୨୦୬	୧୬୬୮/୧୫୬୨୫	ଆଡ	ଧର୍ମରାଜ ମାଝି ପିଲା ଶ୍ରୀ ମାଝି ଜାରଜ ବାସିନ୍ଦା	୦.୫୦୦	୦.୦୫୦
୫୬	୨୬୩/୨୨୬	୧୫୦୨/୧୫୬୫	ଆଡ	କ୍ଷମା ସାଗର ଦାସ ପିଲା ଶ୍ରୀ ଦାସ ଜାରଜ ବାସିନ୍ଦା	୦.୬୦୦	୦.୦୫୬
୫୭	୨୬୩/୨୨୨	୧୫୦	ଆଡ	ଦୁର୍ଗାଚରଣ ସରଦିଆ ପିଲା ଶ୍ରୀ ସରଦିଆ ଜାରଜ ବାସିନ୍ଦା	୧.୦୦	୦.୪୦୦
୫୮	୨୨	୧୭୦୬	ଆଡ	କଳନ୍ଦୁ ଦାସ ପିଲା ଶ୍ରୀ ଦାସ ଜାରଜ ବାସିନ୍ଦା	୦.୫୦୦	୦.୫୦୦
୫୯	୨୨	୧୭୦୬	ଆଡ	ରାଧାମୋହନ ଦାସ, ଶ୍ରୀନିବାସ ଦାସ, ବିଶ୍ୱନାଥ ଦାସ ପିଲା ଶ୍ରୀ ଦାସ ଜାରଜ ବାସିନ୍ଦା	୦.୬୫୦	୦.୨୦୦
୬୦	୨୬୩	୨୧୭	ଆଡ	ଗୋପୀନାଥ ଦାସ ପିଲା ଶ୍ରୀ ଦାସ ଜାରଜ ବାସିନ୍ଦା	୦.୫୮୦	୦.୦୨୦
୬୧	୨୨୨	୧୭୦୫	ଆଡ	ଲକ୍ଷ୍ମଣ ମାଝି ପିଲା ଶ୍ରୀ ମାଝି ଜାରଜ ବାସିନ୍ଦା	୦.୫୦୦	୦.୫୫୦
ଜିଲ୍ଲା -ନୂଆପଡ଼ା , ଥାନା/ତହସିଲ - ବୋଡେନ ମୌଜା - ଗଞ୍ଜିଗୁଡ଼ା
କ୍ର. ନଂ	ଖାତା ନଂ	ପ୍ଲଟ ନଂ	କିସମ	ପ୍ରଜାଙ୍କ ନାମ, ପିତାଙ୍କ ନାମ, ଠିକଣା	ପ୍ଲଟ ର ମୋଟ ରକବା	ପ୍ରକଳ୍ପ ପାଇଁ ଆବଶ୍ୟକ ରକବା
୧	୨୦୬/୩୮	୨୮୫	ଆଡ	ବାସଦେବ ସୁନାମୀ, ଦ୍ୱାରିକା ସୁନାମୀ ଜାରଜ ବାସିନ୍ଦା	୧.୫୫୦	୦.୪୦୦
୨		୨୮୫	ଆଡ	ଶ୍ରୀକୃଷ୍ଣ ସୁନାମୀ ଜାରଜ ବାସିନ୍ଦା	୦.୫୦୦	୦.୪୦୦
SEE NEXT
